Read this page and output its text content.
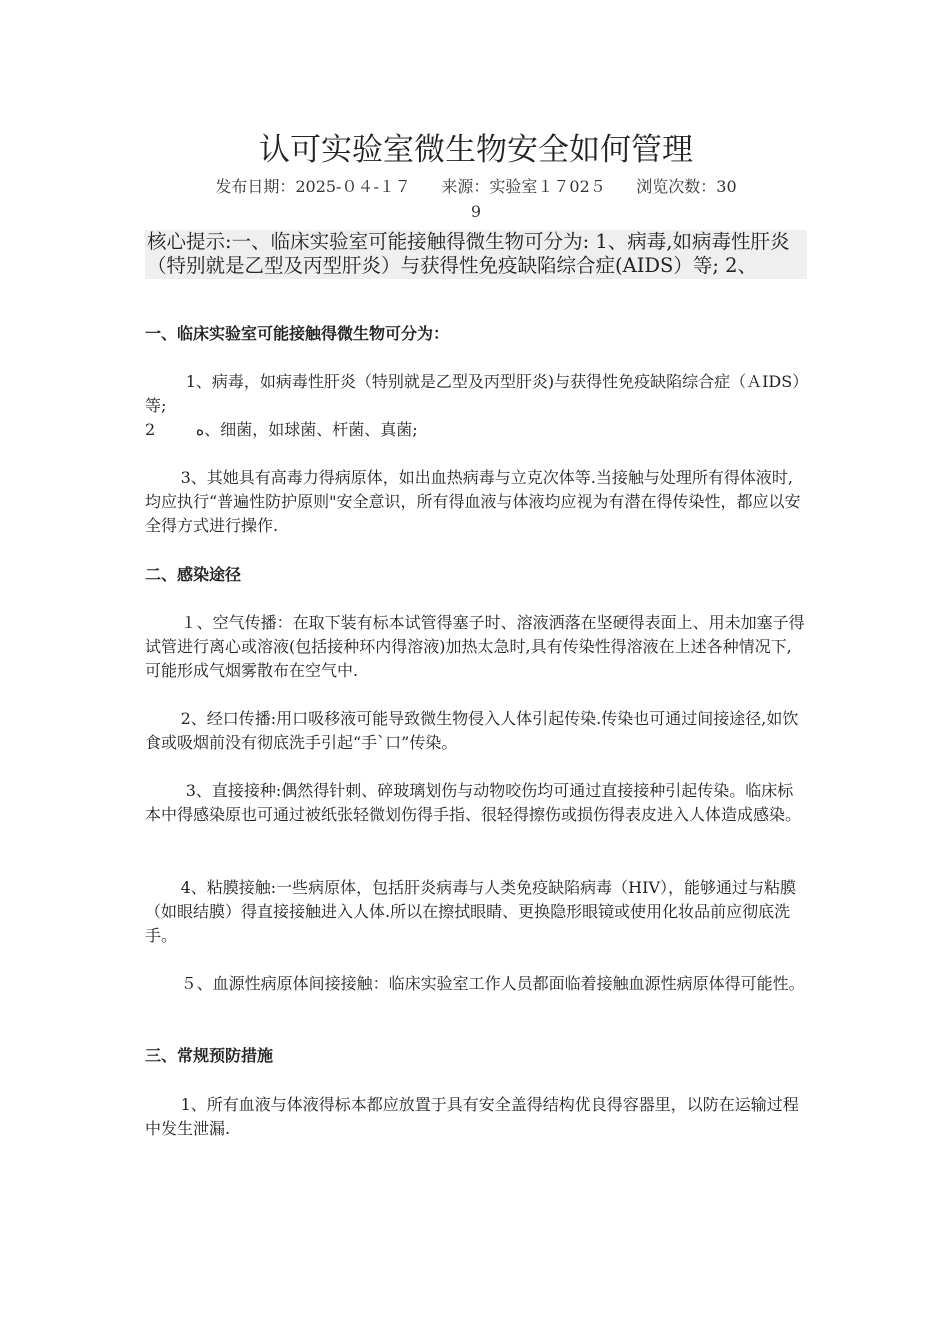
认可实验室微生物安全如何管理
发布日期：2025-０４-１７ 来源：实验室１７02５ 浏览次数：30
9
核心提示:一、临床实验室可能接触得微生物可分为: 1、病毒,如病毒性肝炎（特别就是乙型及丙型肝炎）与获得性免疫缺陷综合症(AIDS）等; 2、

一、临床实验室可能接触得微生物可分为：

1、病毒，如病毒性肝炎（特别就是乙型及丙型肝炎)与获得性免疫缺陷综合症（ＡIDS）等;

2        ﻩ、细菌，如球菌、杆菌、真菌;

3、其她具有高毒力得病原体，如出血热病毒与立克次体等.当接触与处理所有得体液时,均应执行“普遍性防护原则"安全意识，所有得血液与体液均应视为有潜在得传染性，都应以安全得方式进行操作.

二、感染途径

１、空气传播：在取下装有标本试管得塞子时、溶液洒落在坚硬得表面上、用未加塞子得试管进行离心或溶液(包括接种环内得溶液)加热太急时,具有传染性得溶液在上述各种情况下,可能形成气烟雾散布在空气中.

2、经口传播:用口吸移液可能导致微生物侵入人体引起传染.传染也可通过间接途径,如饮食或吸烟前没有彻底洗手引起“手ˋ口”传染。

3、直接接种:偶然得针刺、碎玻璃划伤与动物咬伤均可通过直接接种引起传染。临床标本中得感染原也可通过被纸张轻微划伤得手指、很轻得擦伤或损伤得表皮进入人体造成感染。

4、粘膜接触:一些病原体，包括肝炎病毒与人类免疫缺陷病毒（HIV），能够通过与粘膜（如眼结膜）得直接接触进入人体.所以在擦拭眼睛、更换隐形眼镜或使用化妆品前应彻底洗手。

５、血源性病原体间接接触：临床实验室工作人员都面临着接触血源性病原体得可能性。

三、常规预防措施

1、所有血液与体液得标本都应放置于具有安全盖得结构优良得容器里，以防在运输过程中发生泄漏.
